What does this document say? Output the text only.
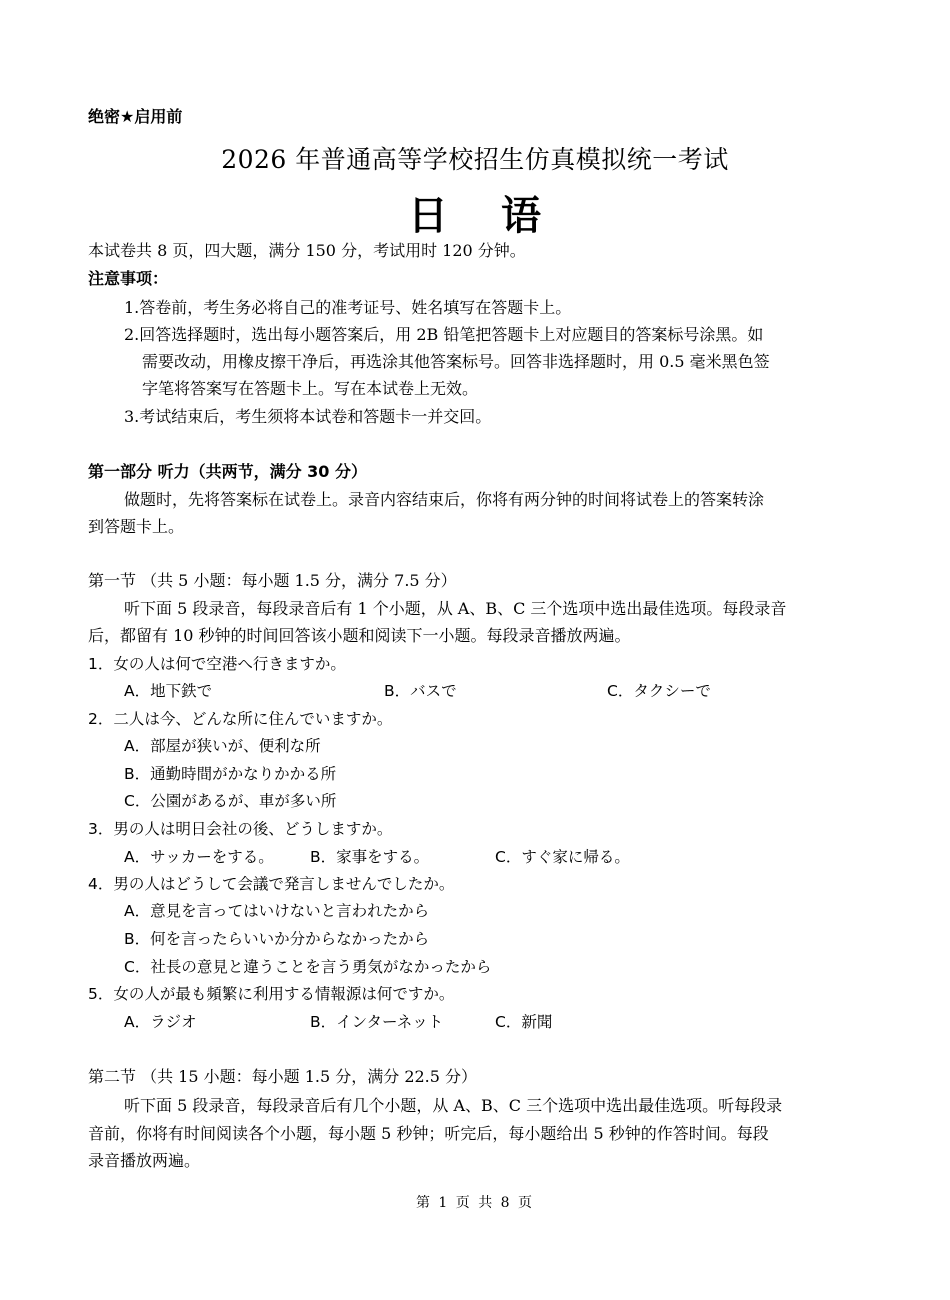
绝密★启用前
2026 年普通高等学校招生仿真模拟统一考试
日 语
本试卷共 8 页，四大题，满分 150 分，考试用时 120 分钟。
注意事项：
1.答卷前，考生务必将自己的准考证号、姓名填写在答题卡上。
2.回答选择题时，选出每小题答案后，用 2B 铅笔把答题卡上对应题目的答案标号涂黑。如
需要改动，用橡皮擦干净后，再选涂其他答案标号。回答非选择题时，用 0.5 毫米黑色签
字笔将答案写在答题卡上。写在本试卷上无效。
3.考试结束后，考生须将本试卷和答题卡一并交回。
第一部分 听力（共两节，满分 30 分）
做题时，先将答案标在试卷上。录音内容结束后，你将有两分钟的时间将试卷上的答案转涂
到答题卡上。
第一节 （共 5 小题：每小题 1.5 分，满分 7.5 分）
听下面 5 段录音，每段录音后有 1 个小题，从 A、B、C 三个选项中选出最佳选项。每段录音
后，都留有 10 秒钟的时间回答该小题和阅读下一小题。每段录音播放两遍。
1．女の人は何で空港へ行きますか。
A．地下鉄で	B．バスで	C．タクシーで
2．二人は今、どんな所に住んでいますか。
A．部屋が狭いが、便利な所
B．通勤時間がかなりかかる所
C．公園があるが、車が多い所
3．男の人は明日会社の後、どうしますか。
A．サッカーをする。 B．家事をする。	C．すぐ家に帰る。
4．男の人はどうして会議で発言しませんでしたか。
A．意見を言ってはいけないと言われたから
B．何を言ったらいいか分からなかったから
C．社長の意見と違うことを言う勇気がなかったから
5．女の人が最も頻繁に利用する情報源は何ですか。
A．ラジオ	B．インターネット	C．新聞
第二节 （共 15 小题：每小题 1.5 分，满分 22.5 分）
听下面 5 段录音，每段录音后有几个小题，从 A、B、C 三个选项中选出最佳选项。听每段录
音前，你将有时间阅读各个小题，每小题 5 秒钟；听完后，每小题给出 5 秒钟的作答时间。每段
录音播放两遍。
第 1 页 共 8 页
